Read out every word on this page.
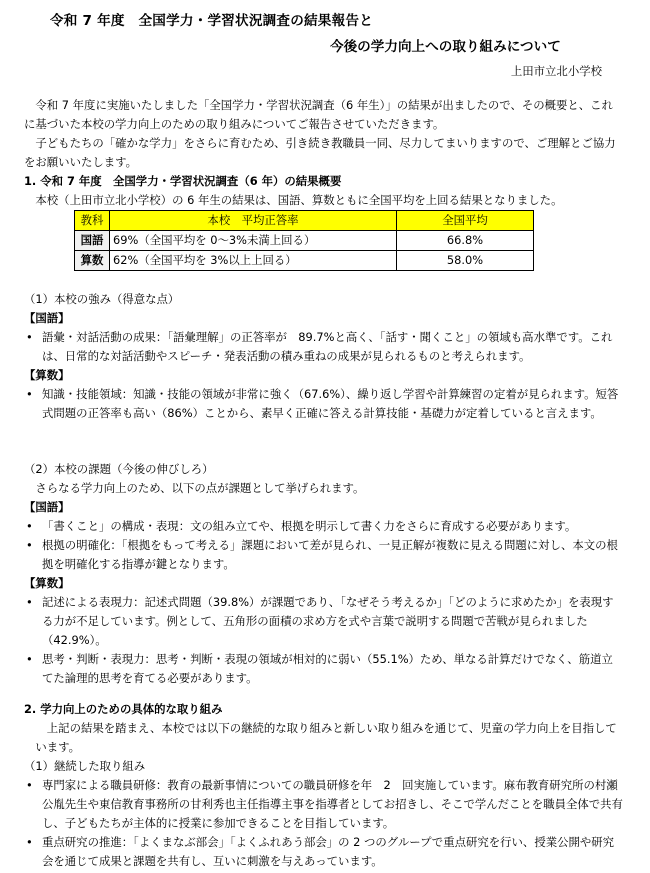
令和 7 年度　全国学力・学習状況調査の結果報告と
今後の学力向上への取り組みについて
上田市立北小学校

令和 7 年度に実施いたしました「全国学力・学習状況調査（6 年生）」の結果が出ましたので、その概要と、これに基づいた本校の学力向上のための取り組みについてご報告させていただきます。

子どもたちの「確かな学力」をさらに育むため、引き続き教職員一同、尽力してまいりますので、ご理解とご協力をお願いいたします。

1. 令和 7 年度　全国学力・学習状況調査（6 年）の結果概要

本校（上田市立北小学校）の 6 年生の結果は、国語、算数ともに全国平均を上回る結果となりました。

教科	本校　平均正答率	全国平均
国語	69%（全国平均を 0～3%未満上回る）	66.8%
算数	62%（全国平均を 3%以上上回る）	58.0%

（1）本校の強み（得意な点）

【国語】

• 語彙・対話活動の成果：「語彙理解」の正答率が　89.7%と高く、「話す・聞くこと」の領域も高水準です。これは、日常的な対話活動やスピーチ・発表活動の積み重ねの成果が見られるものと考えられます。

【算数】

• 知識・技能領域：知識・技能の領域が非常に強く（67.6%）、繰り返し学習や計算練習の定着が見られます。短答式問題の正答率も高い（86%）ことから、素早く正確に答える計算技能・基礎力が定着していると言えます。

（2）本校の課題（今後の伸びしろ）

さらなる学力向上のため、以下の点が課題として挙げられます。

【国語】

• 「書くこと」の構成・表現：文の組み立てや、根拠を明示して書く力をさらに育成する必要があります。

• 根拠の明確化：「根拠をもって考える」課題において差が見られ、一見正解が複数に見える問題に対し、本文の根拠を明確化する指導が鍵となります。

【算数】

• 記述による表現力：記述式問題（39.8%）が課題であり、「なぜそう考えるか」「どのように求めたか」を表現する力が不足しています。例として、五角形の面積の求め方を式や言葉で説明する問題で苦戦が見られました（42.9%）。

• 思考・判断・表現力：思考・判断・表現の領域が相対的に弱い（55.1%）ため、単なる計算だけでなく、筋道立てた論理的思考を育てる必要があります。

2. 学力向上のための具体的な取り組み

上記の結果を踏まえ、本校では以下の継続的な取り組みと新しい取り組みを通じて、児童の学力向上を目指しています。

（1）継続した取り組み

• 専門家による職員研修：教育の最新事情についての職員研修を年　2　回実施しています。麻布教育研究所の村瀬公胤先生や東信教育事務所の甘利秀也主任指導主事を指導者としてお招きし、そこで学んだことを職員全体で共有し、子どもたちが主体的に授業に参加できることを目指しています。

• 重点研究の推進：「よくまなぶ部会」「よくふれあう部会」の 2 つのグループで重点研究を行い、授業公開や研究会を通じて成果と課題を共有し、互いに刺激を与えあっています。
